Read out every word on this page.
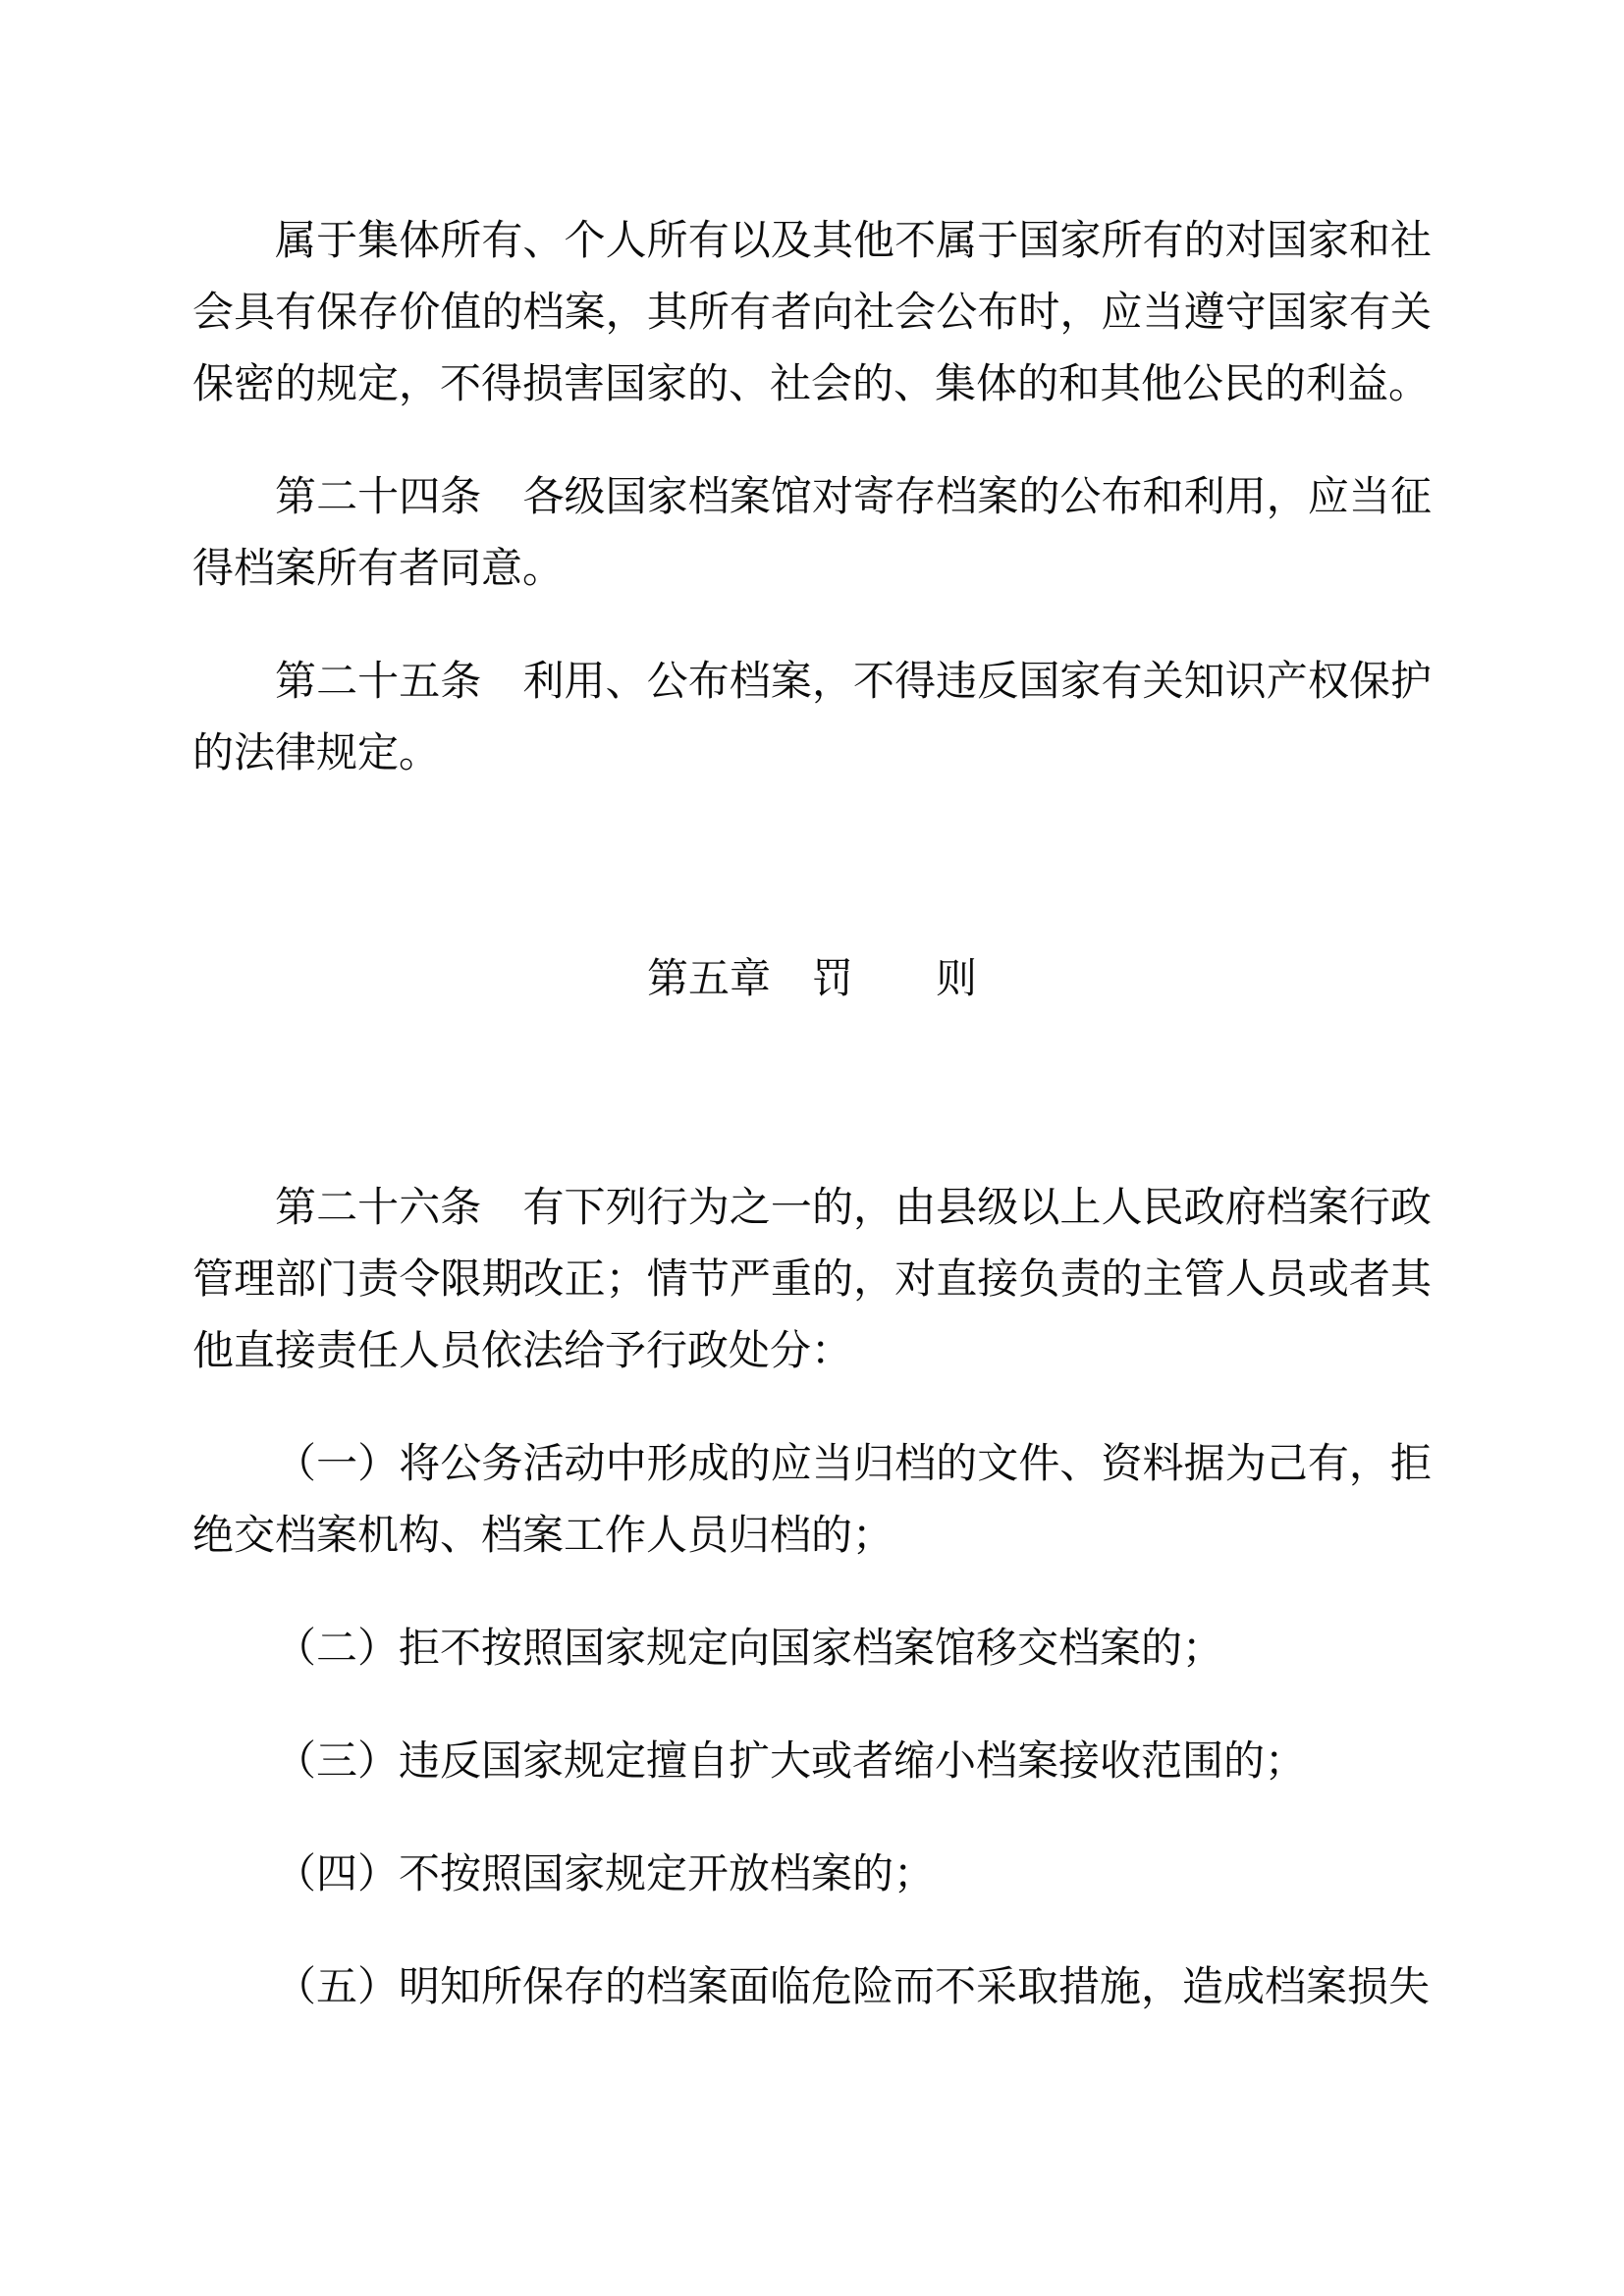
属于集体所有、个人所有以及其他不属于国家所有的对国家和社会具有保存价值的档案，其所有者向社会公布时，应当遵守国家有关保密的规定，不得损害国家的、社会的、集体的和其他公民的利益。

第二十四条　各级国家档案馆对寄存档案的公布和利用，应当征得档案所有者同意。

第二十五条　利用、公布档案，不得违反国家有关知识产权保护的法律规定。

第五章　罚　　则

第二十六条　有下列行为之一的，由县级以上人民政府档案行政管理部门责令限期改正；情节严重的，对直接负责的主管人员或者其他直接责任人员依法给予行政处分：

（一）将公务活动中形成的应当归档的文件、资料据为己有，拒绝交档案机构、档案工作人员归档的；

（二）拒不按照国家规定向国家档案馆移交档案的；

（三）违反国家规定擅自扩大或者缩小档案接收范围的；

（四）不按照国家规定开放档案的；

（五）明知所保存的档案面临危险而不采取措施，造成档案损失
